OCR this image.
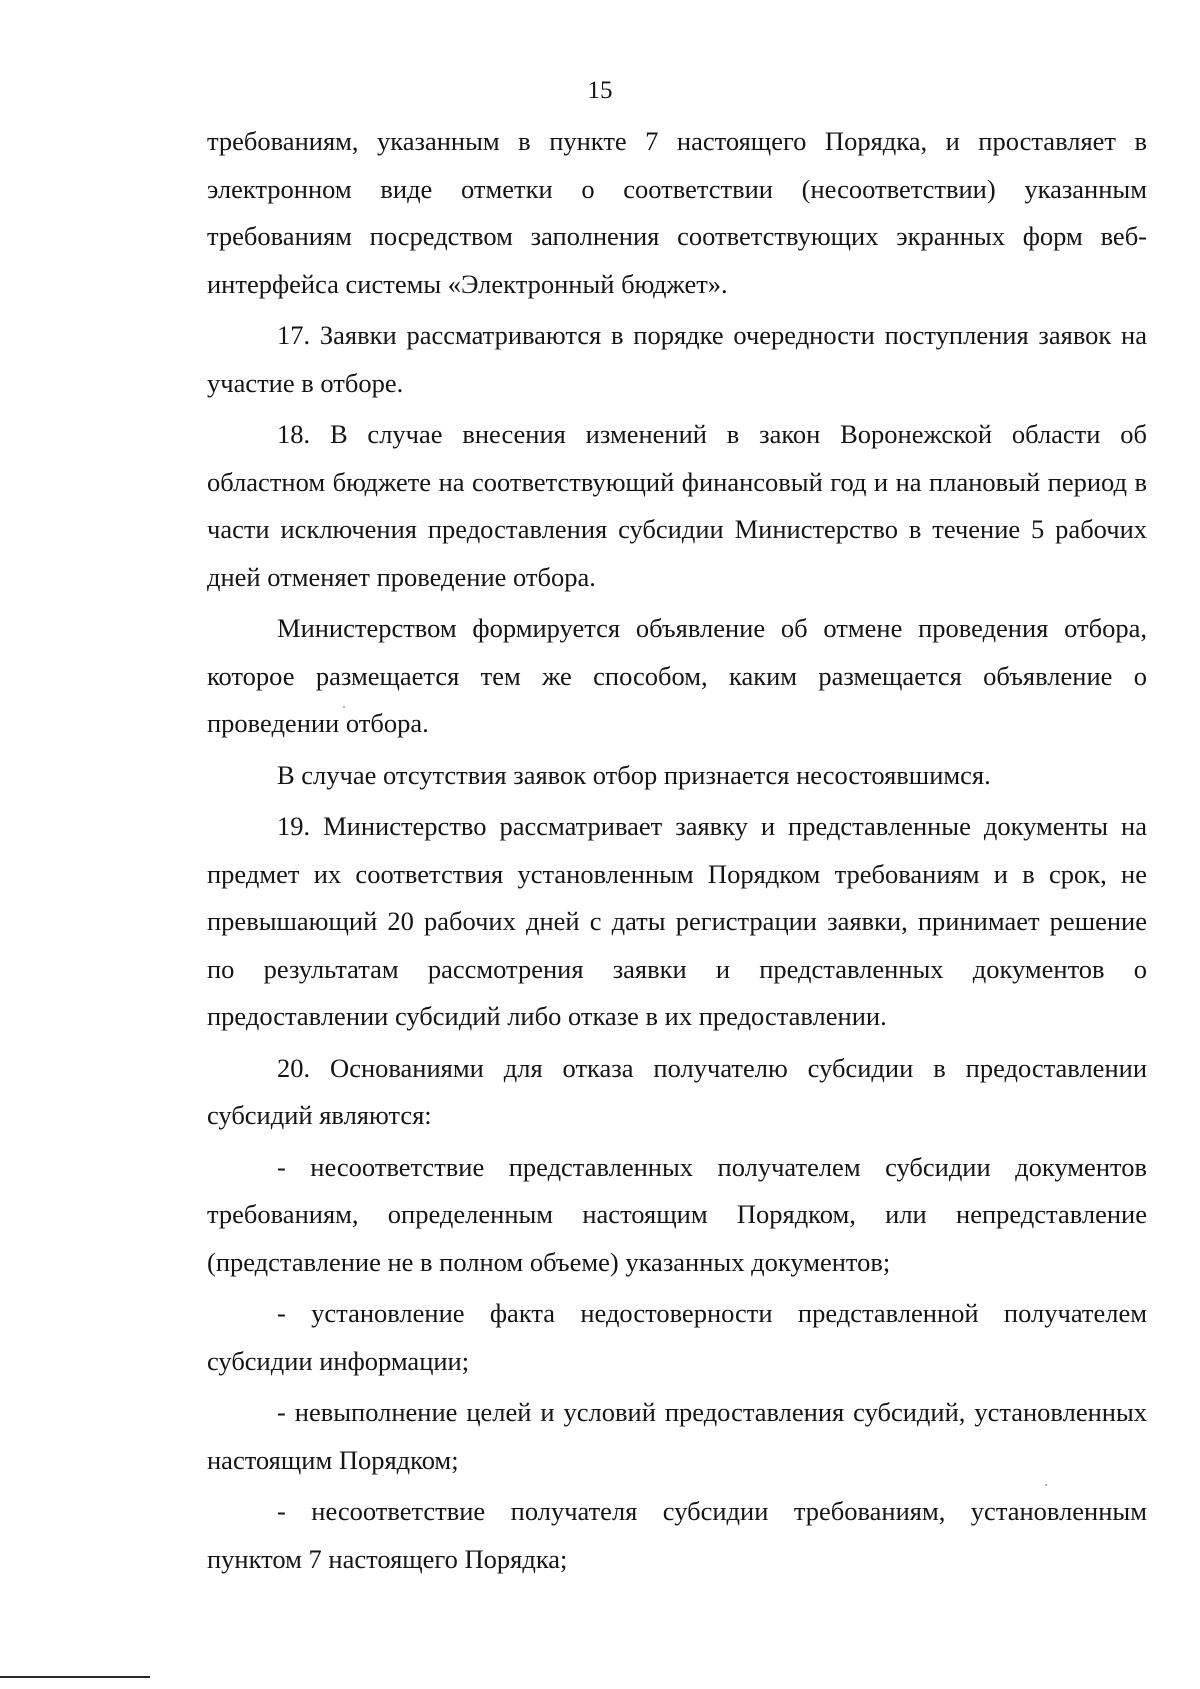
15

требованиям, указанным в пункте 7 настоящего Порядка, и проставляет в электронном виде отметки о соответствии (несоответствии) указанным требованиям посредством заполнения соответствующих экранных форм веб-интерфейса системы «Электронный бюджет».

17. Заявки рассматриваются в порядке очередности поступления заявок на участие в отборе.

18. В случае внесения изменений в закон Воронежской области об областном бюджете на соответствующий финансовый год и на плановый период в части исключения предоставления субсидии Министерство в течение 5 рабочих дней отменяет проведение отбора.

Министерством формируется объявление об отмене проведения отбора, которое размещается тем же способом, каким размещается объявление о проведении отбора.

В случае отсутствия заявок отбор признается несостоявшимся.

19. Министерство рассматривает заявку и представленные документы на предмет их соответствия установленным Порядком требованиям и в срок, не превышающий 20 рабочих дней с даты регистрации заявки, принимает решение по результатам рассмотрения заявки и представленных документов о предоставлении субсидий либо отказе в их предоставлении.

20. Основаниями для отказа получателю субсидии в предоставлении субсидий являются:

- несоответствие представленных получателем субсидии документов требованиям, определенным настоящим Порядком, или непредставление (представление не в полном объеме) указанных документов;

- установление факта недостоверности представленной получателем субсидии информации;

- невыполнение целей и условий предоставления субсидий, установленных настоящим Порядком;

- несоответствие получателя субсидии требованиям, установленным пунктом 7 настоящего Порядка;
